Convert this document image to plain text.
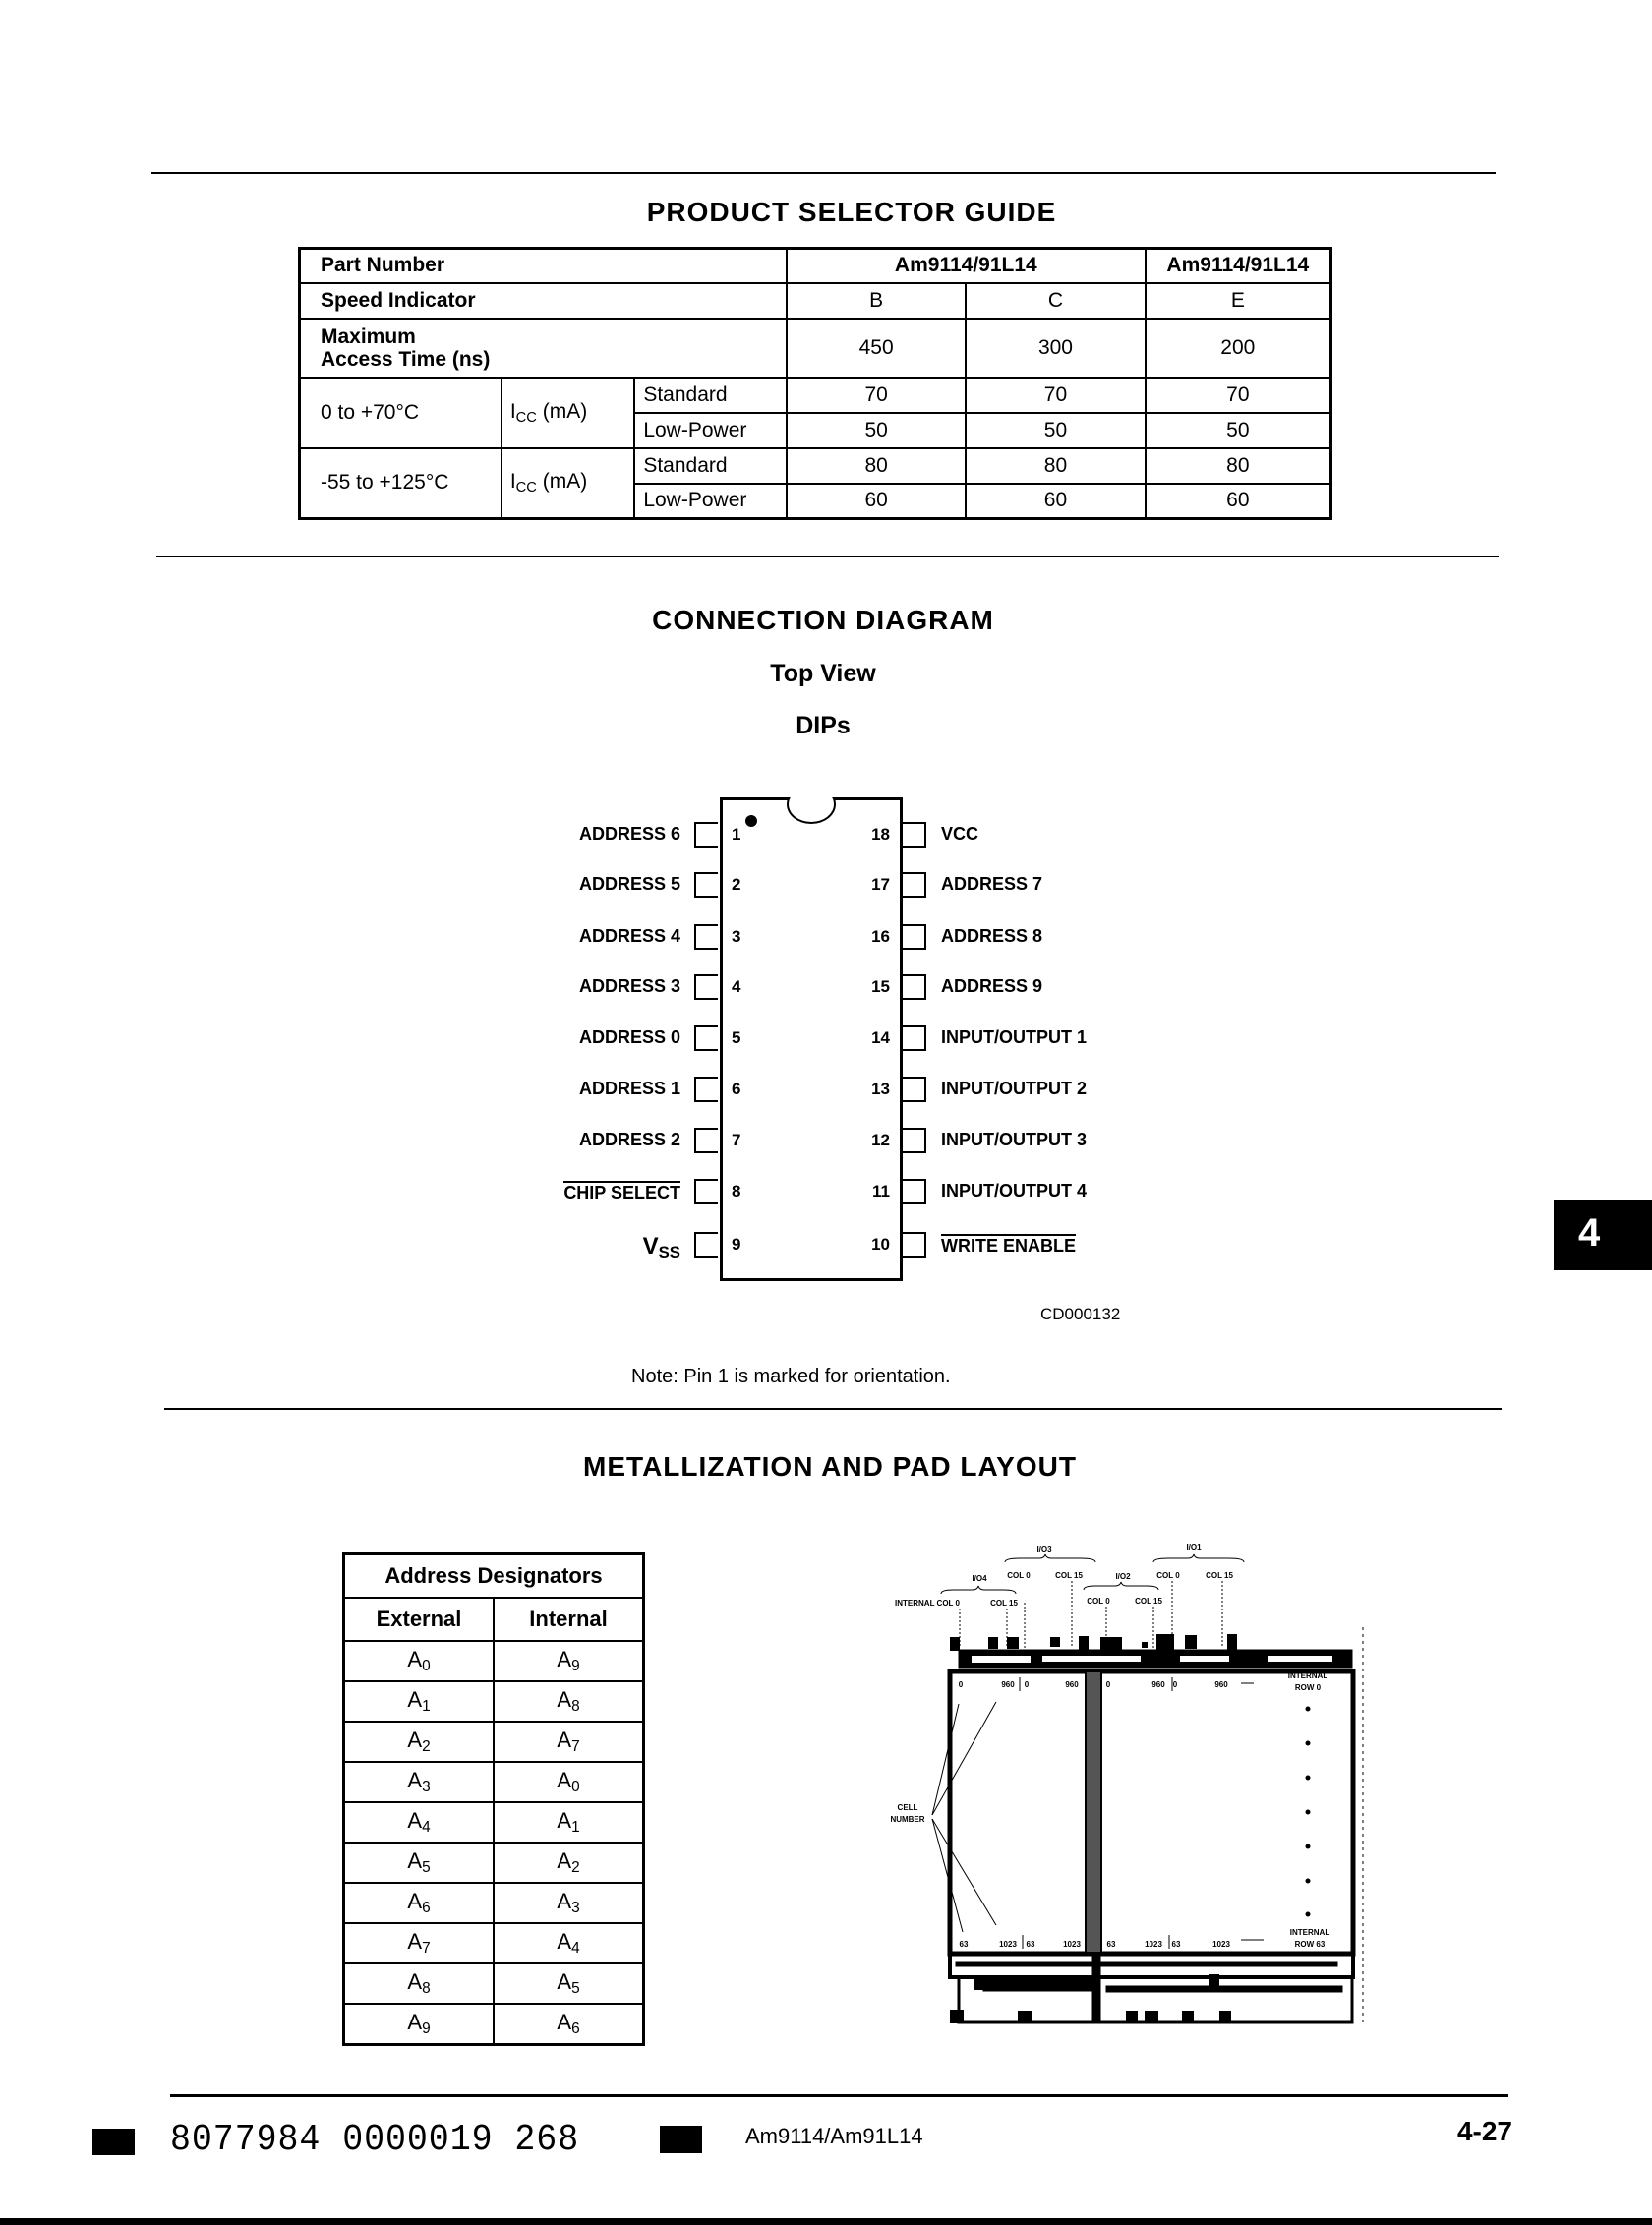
PRODUCT SELECTOR GUIDE
Part Number			Am9114/91L14		Am9114/91L14
Speed Indicator			B	C	E
Maximum
Access Time (ns)			450	300	200
0 to +70°C	$I_{CC}$ (mA)	Standard	70	70	70
		Low-Power	50	50	50
-55 to +125°C	$I_{CC}$ (mA)	Standard	80	80	80
		Low-Power	60	60	60
CONNECTION DIAGRAM
Top View
DIPs
1
ADDRESS 6
2
ADDRESS 5
3
ADDRESS 4
4
ADDRESS 3
5
ADDRESS 0
6
ADDRESS 1
7
ADDRESS 2
8
CHIP SELECT
9
$V_{SS}$
18	VCC
17	ADDRESS 7
16	ADDRESS 8
15	ADDRESS 9
14	INPUT/OUTPUT 1
13	INPUT/OUTPUT 2
12	INPUT/OUTPUT 3
11	INPUT/OUTPUT 4
10	WRITE ENABLE
CD000132
Note: Pin 1 is marked for orientation.
METALLIZATION AND PAD LAYOUT
Address Designators	
External	Internal
$A_0$	$A_9$
$A_1$	$A_8$
$A_2$	$A_7$
$A_3$	$A_0$
$A_4$	$A_1$
$A_5$	$A_2$
$A_6$	$A_3$
$A_7$	$A_4$
$A_8$	$A_5$
$A_9$	$A_6$
I/O3	I/O1
I/O4	I/O2
COL 0	COL 15	COL 0	COL 15
INTERNAL COL 0	COL 15	COL 0	COL 15
INTERNAL
ROW 0
INTERNAL
ROW 63
CELL
NUMBER
0	960 0	960	0	960 0	960
63	1023 63	1023	63	1023 63	1023
4
8077984 0000019 268	Am9114/Am91L14	4-27
